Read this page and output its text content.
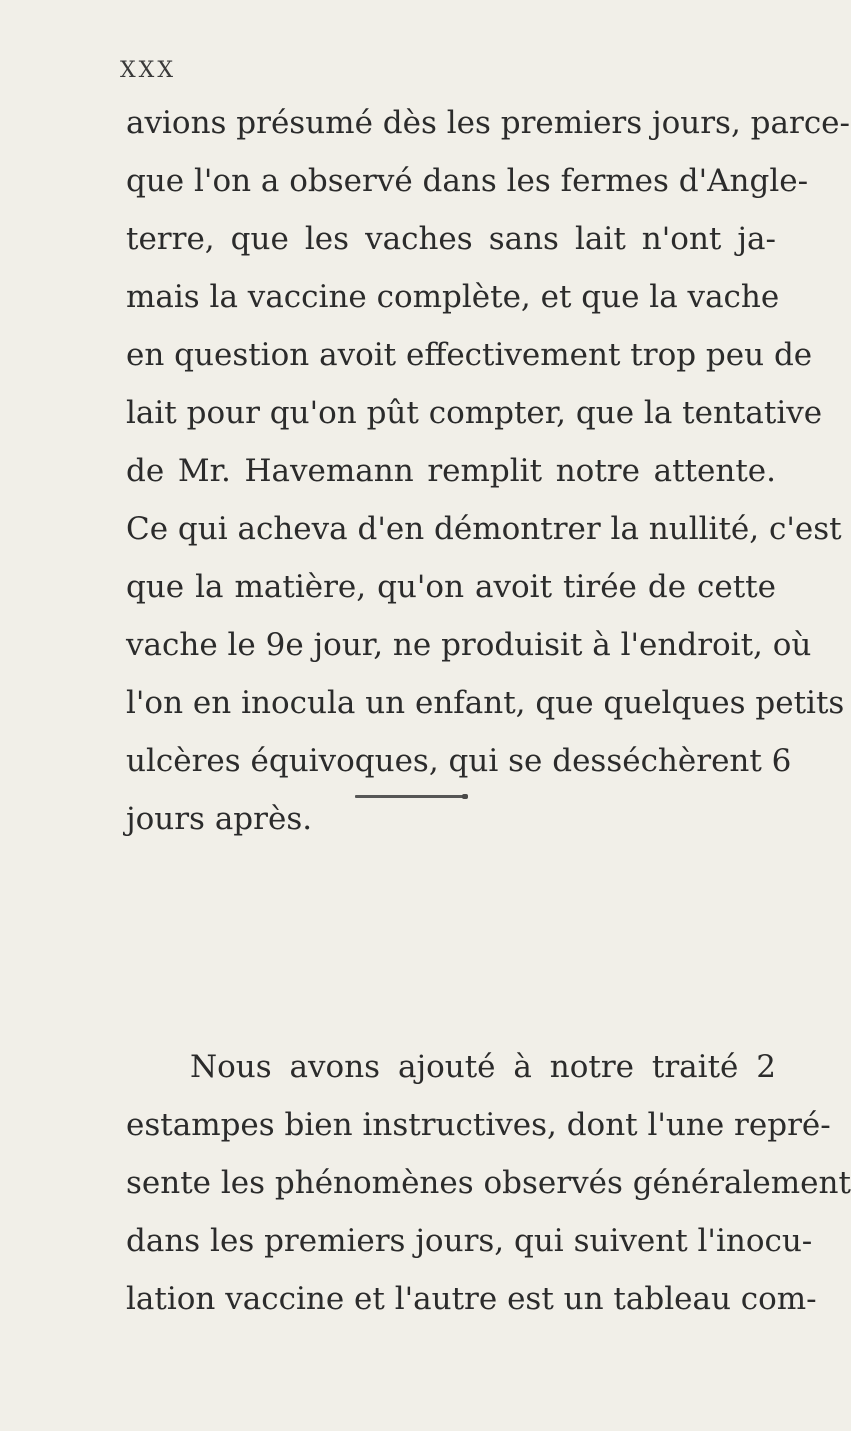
XXX
avions présumé dès les premiers jours, parce-
que l'on a observé dans les fermes d'Angle-
terre, que les vaches sans lait n'ont ja-
mais la vaccine complète, et que la vache
en question avoit effectivement trop peu de
lait pour qu'on pût compter, que la tentative
de Mr. Havemann remplit notre attente.
Ce qui acheva d'en démontrer la nullité, c'est
que la matière, qu'on avoit tirée de cette
vache le 9e jour, ne produisit à l'endroit, où
l'on en inocula un enfant, que quelques petits
ulcères équivoques, qui se desséchèrent 6
jours après.
Nous avons ajouté à notre traité 2
estampes bien instructives, dont l'une repré-
sente les phénomènes observés généralement
dans les premiers jours, qui suivent l'inocu-
lation vaccine et l'autre est un tableau com-
